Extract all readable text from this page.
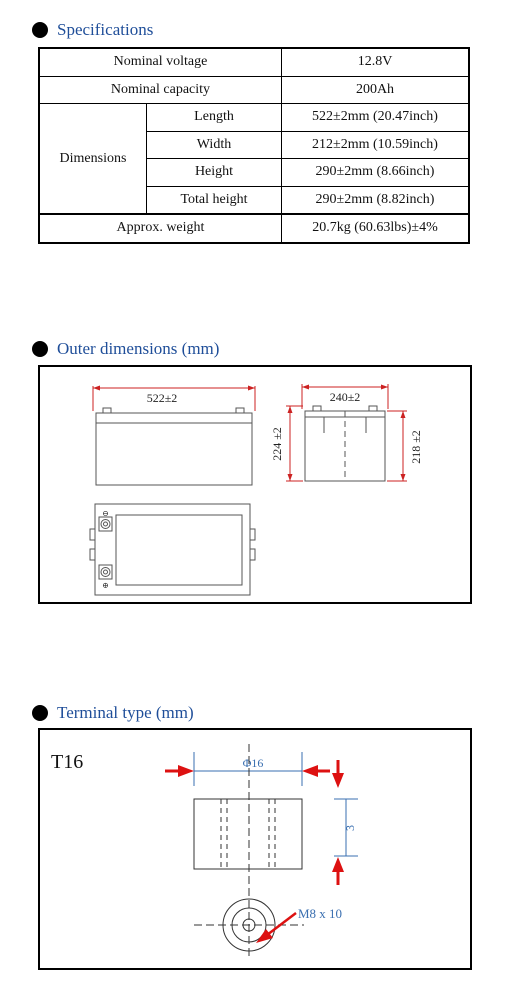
Specifications
Nominal voltage		12.8V
Nominal capacity		200Ah
Dimensions	Length	522±2mm (20.47inch)
	Width	212±2mm (10.59inch)
	Height	290±2mm (8.66inch)
	Total height	290±2mm (8.82inch)
Approx. weight		20.7kg (60.63lbs)±4%
Outer dimensions (mm)
522±2	240±2
224 ±2	218 ±2
⊖
⊕
Terminal type (mm)
T16	Φ16
3
M8 x 10
